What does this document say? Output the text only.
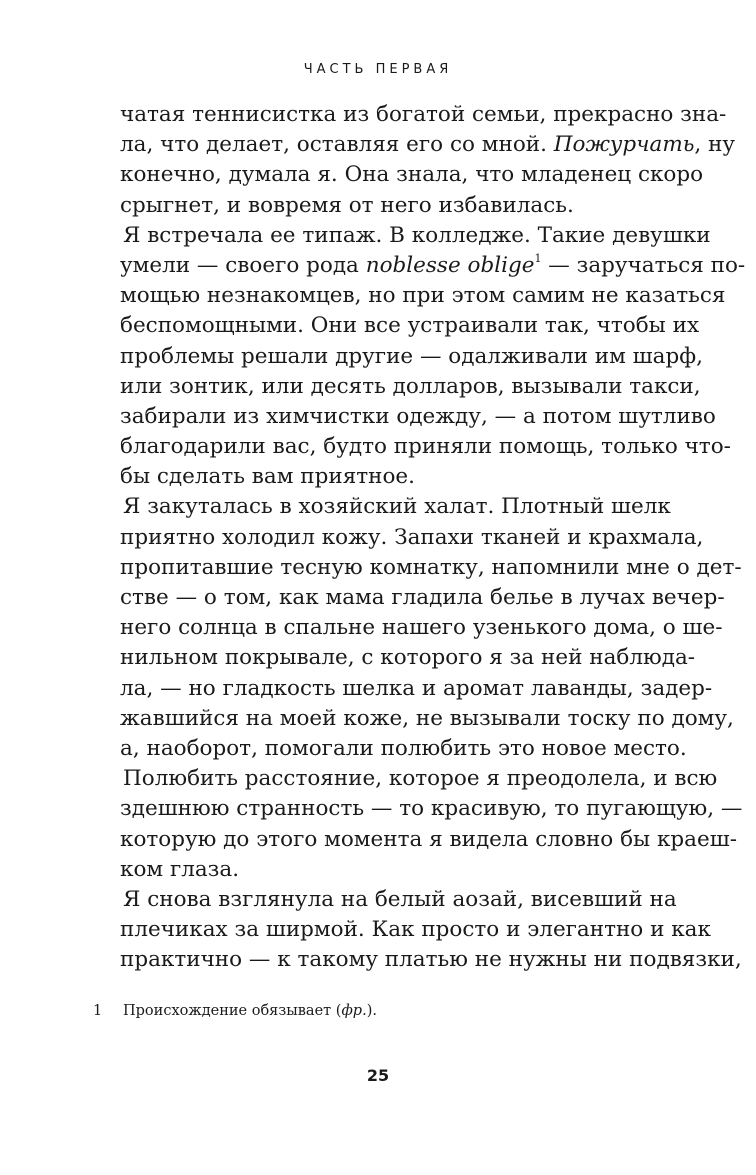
ЧАСТЬ ПЕРВАЯ
чатая теннисистка из богатой семьи, прекрасно зна-
ла, что делает, оставляя его со мной. Пожурчать, ну
конечно, думала я. Она знала, что младенец скоро
срыгнет, и вовремя от него избавилась.
Я встречала ее типаж. В колледже. Такие девушки
умели — своего рода noblesse oblige$^1$ — заручаться по-
мощью незнакомцев, но при этом самим не казаться
беспомощными. Они все устраивали так, чтобы их
проблемы решали другие — одалживали им шарф,
или зонтик, или десять долларов, вызывали такси,
забирали из химчистки одежду, — а потом шутливо
благодарили вас, будто приняли помощь, только что-
бы сделать вам приятное.
Я закуталась в хозяйский халат. Плотный шелк
приятно холодил кожу. Запахи тканей и крахмала,
пропитавшие тесную комнатку, напомнили мне о дет-
стве — о том, как мама гладила белье в лучах вечер-
него солнца в спальне нашего узенького дома, о ше-
нильном покрывале, с которого я за ней наблюда-
ла, — но гладкость шелка и аромат лаванды, задер-
жавшийся на моей коже, не вызывали тоску по дому,
а, наоборот, помогали полюбить это новое место.
Полюбить расстояние, которое я преодолела, и всю
здешнюю странность — то красивую, то пугающую, —
которую до этого момента я видела словно бы краеш-
ком глаза.
Я снова взглянула на белый аозай, висевший на
плечиках за ширмой. Как просто и элегантно и как
практично — к такому платью не нужны ни подвязки,
1 Происхождение обязывает (фр.).
25
